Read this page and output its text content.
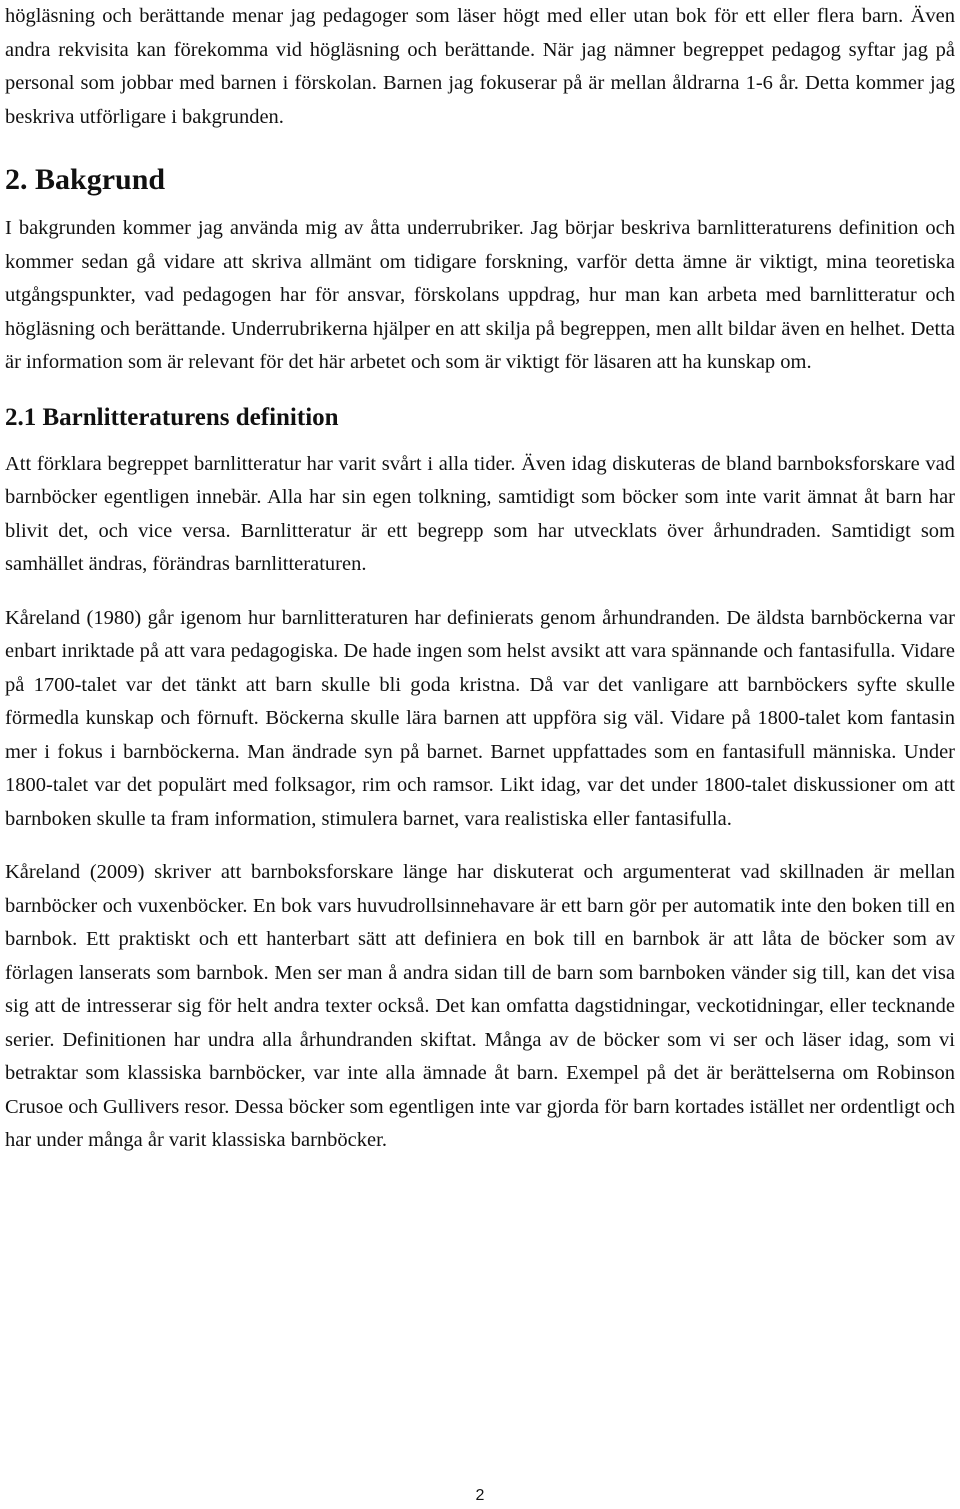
högläsning och berättande menar jag pedagoger som läser högt med eller utan bok för ett eller flera barn. Även andra rekvisita kan förekomma vid högläsning och berättande. När jag nämner begreppet pedagog syftar jag på personal som jobbar med barnen i förskolan. Barnen jag fokuserar på är mellan åldrarna 1-6 år. Detta kommer jag beskriva utförligare i bakgrunden.

2. Bakgrund

I bakgrunden kommer jag använda mig av åtta underrubriker. Jag börjar beskriva barnlitteraturens definition och kommer sedan gå vidare att skriva allmänt om tidigare forskning, varför detta ämne är viktigt, mina teoretiska utgångspunkter, vad pedagogen har för ansvar, förskolans uppdrag, hur man kan arbeta med barnlitteratur och högläsning och berättande. Underrubrikerna hjälper en att skilja på begreppen, men allt bildar även en helhet. Detta är information som är relevant för det här arbetet och som är viktigt för läsaren att ha kunskap om.

2.1 Barnlitteraturens definition

Att förklara begreppet barnlitteratur har varit svårt i alla tider. Även idag diskuteras de bland barnboksforskare vad barnböcker egentligen innebär. Alla har sin egen tolkning, samtidigt som böcker som inte varit ämnat åt barn har blivit det, och vice versa. Barnlitteratur är ett begrepp som har utvecklats över århundraden. Samtidigt som samhället ändras, förändras barnlitteraturen.

Kåreland (1980) går igenom hur barnlitteraturen har definierats genom århundranden. De äldsta barnböckerna var enbart inriktade på att vara pedagogiska. De hade ingen som helst avsikt att vara spännande och fantasifulla. Vidare på 1700-talet var det tänkt att barn skulle bli goda kristna. Då var det vanligare att barnböckers syfte skulle förmedla kunskap och förnuft. Böckerna skulle lära barnen att uppföra sig väl. Vidare på 1800-talet kom fantasin mer i fokus i barnböckerna. Man ändrade syn på barnet. Barnet uppfattades som en fantasifull människa. Under 1800-talet var det populärt med folksagor, rim och ramsor. Likt idag, var det under 1800-talet diskussioner om att barnboken skulle ta fram information, stimulera barnet, vara realistiska eller fantasifulla.

Kåreland (2009) skriver att barnboksforskare länge har diskuterat och argumenterat vad skillnaden är mellan barnböcker och vuxenböcker. En bok vars huvudrollsinnehavare är ett barn gör per automatik inte den boken till en barnbok. Ett praktiskt och ett hanterbart sätt att definiera en bok till en barnbok är att låta de böcker som av förlagen lanserats som barnbok. Men ser man å andra sidan till de barn som barnboken vänder sig till, kan det visa sig att de intresserar sig för helt andra texter också. Det kan omfatta dagstidningar, veckotidningar, eller tecknande serier. Definitionen har undra alla århundranden skiftat. Många av de böcker som vi ser och läser idag, som vi betraktar som klassiska barnböcker, var inte alla ämnade åt barn. Exempel på det är berättelserna om Robinson Crusoe och Gullivers resor. Dessa böcker som egentligen inte var gjorda för barn kortades istället ner ordentligt och har under många år varit klassiska barnböcker.

2
